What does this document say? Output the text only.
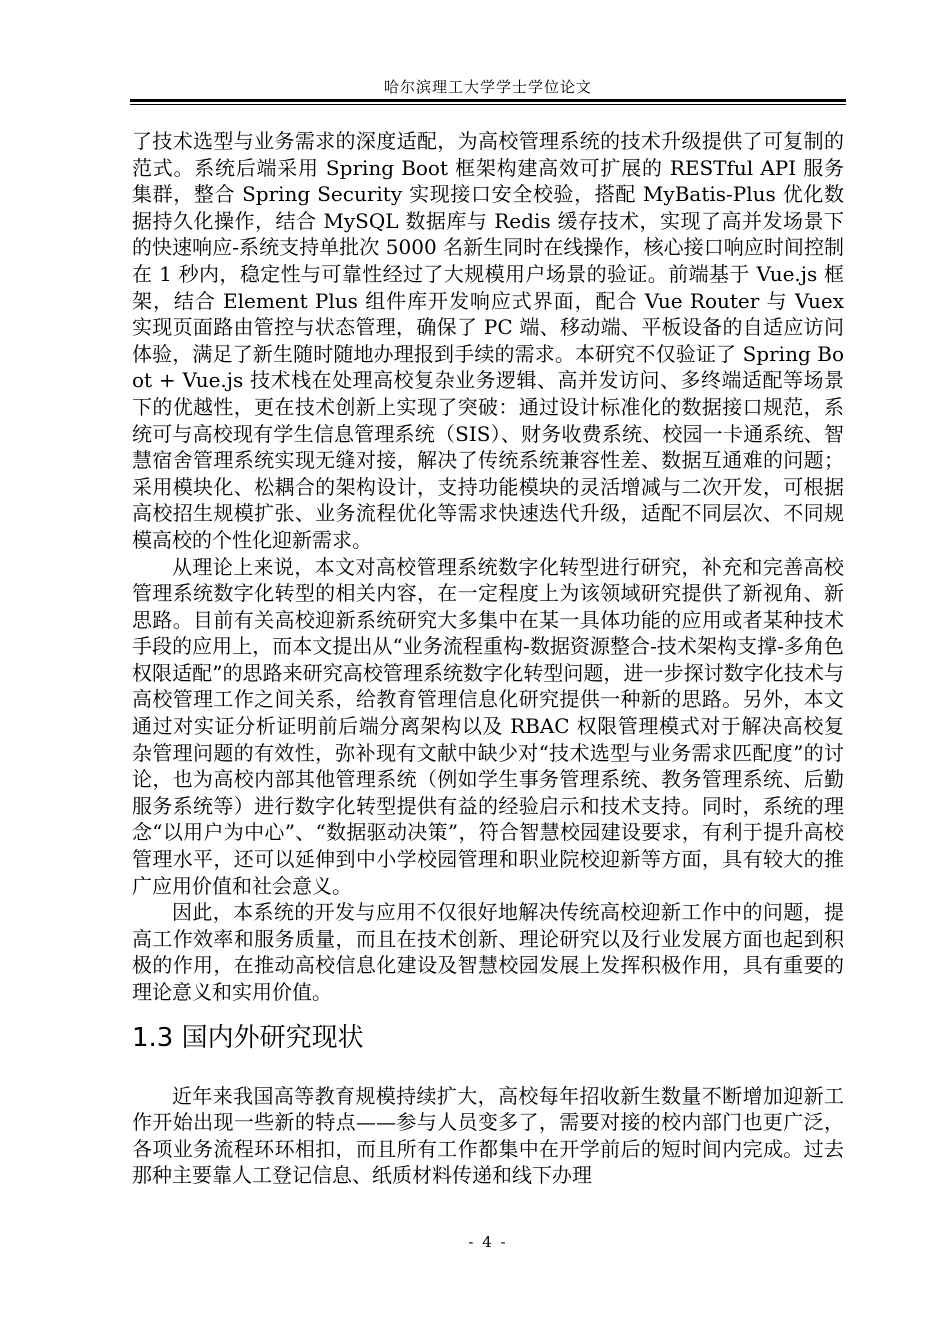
哈尔滨理工大学学士学位论文

了技术选型与业务需求的深度适配，为高校管理系统的技术升级提供了可复制的范式。系统后端采用 Spring Boot 框架构建高效可扩展的 RESTful API 服务集群，整合 Spring Security 实现接口安全校验，搭配 MyBatis-Plus 优化数据持久化操作，结合 MySQL 数据库与 Redis 缓存技术，实现了高并发场景下的快速响应-系统支持单批次 5000 名新生同时在线操作，核心接口响应时间控制在 1 秒内，稳定性与可靠性经过了大规模用户场景的验证。前端基于 Vue.js 框架，结合 Element Plus 组件库开发响应式界面，配合 Vue Router 与 Vuex 实现页面路由管控与状态管理，确保了 PC 端、移动端、平板设备的自适应访问体验，满足了新生随时随地办理报到手续的需求。本研究不仅验证了 Spring Boot + Vue.js 技术栈在处理高校复杂业务逻辑、高并发访问、多终端适配等场景下的优越性，更在技术创新上实现了突破：通过设计标准化的数据接口规范，系统可与高校现有学生信息管理系统（SIS）、财务收费系统、校园一卡通系统、智慧宿舍管理系统实现无缝对接，解决了传统系统兼容性差、数据互通难的问题；采用模块化、松耦合的架构设计，支持功能模块的灵活增减与二次开发，可根据高校招生规模扩张、业务流程优化等需求快速迭代升级，适配不同层次、不同规模高校的个性化迎新需求。

从理论上来说，本文对高校管理系统数字化转型进行研究，补充和完善高校管理系统数字化转型的相关内容，在一定程度上为该领域研究提供了新视角、新思路。目前有关高校迎新系统研究大多集中在某一具体功能的应用或者某种技术手段的应用上，而本文提出从“业务流程重构-数据资源整合-技术架构支撑-多角色权限适配”的思路来研究高校管理系统数字化转型问题，进一步探讨数字化技术与高校管理工作之间关系，给教育管理信息化研究提供一种新的思路。另外，本文通过对实证分析证明前后端分离架构以及 RBAC 权限管理模式对于解决高校复杂管理问题的有效性，弥补现有文献中缺少对“技术选型与业务需求匹配度”的讨论，也为高校内部其他管理系统（例如学生事务管理系统、教务管理系统、后勤服务系统等）进行数字化转型提供有益的经验启示和技术支持。同时，系统的理念“以用户为中心”、“数据驱动决策”，符合智慧校园建设要求，有利于提升高校管理水平，还可以延伸到中小学校园管理和职业院校迎新等方面，具有较大的推广应用价值和社会意义。

因此，本系统的开发与应用不仅很好地解决传统高校迎新工作中的问题，提高工作效率和服务质量，而且在技术创新、理论研究以及行业发展方面也起到积极的作用，在推动高校信息化建设及智慧校园发展上发挥积极作用，具有重要的理论意义和实用价值。

1.3 国内外研究现状

近年来我国高等教育规模持续扩大，高校每年招收新生数量不断增加迎新工作开始出现一些新的特点——参与人员变多了，需要对接的校内部门也更广泛，各项业务流程环环相扣，而且所有工作都集中在开学前后的短时间内完成。过去那种主要靠人工登记信息、纸质材料传递和线下办理

- 4 -
